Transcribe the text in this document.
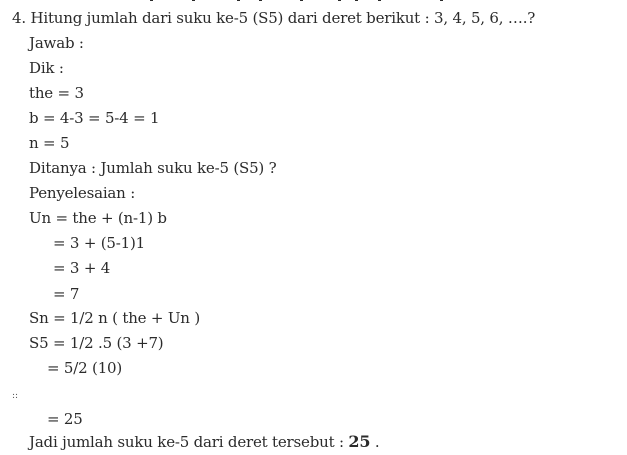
4. Hitung jumlah dari suku ke-5 (S5) dari deret berikut : 3, 4, 5, 6, ….?
Jawab :
Dik :
the = 3
b = 4-3 = 5-4 = 1
n = 5
Ditanya : Jumlah suku ke-5 (S5) ?
Penyelesaian :
Un = the + (n-1) b
= 3 + (5-1)1
= 3 + 4
= 7
Sn = 1/2 n ( the + Un )
S5 = 1/2 .5 (3 +7)
= 5/2 (10)
::
= 25
Jadi jumlah suku ke-5 dari deret tersebut : 25 .
